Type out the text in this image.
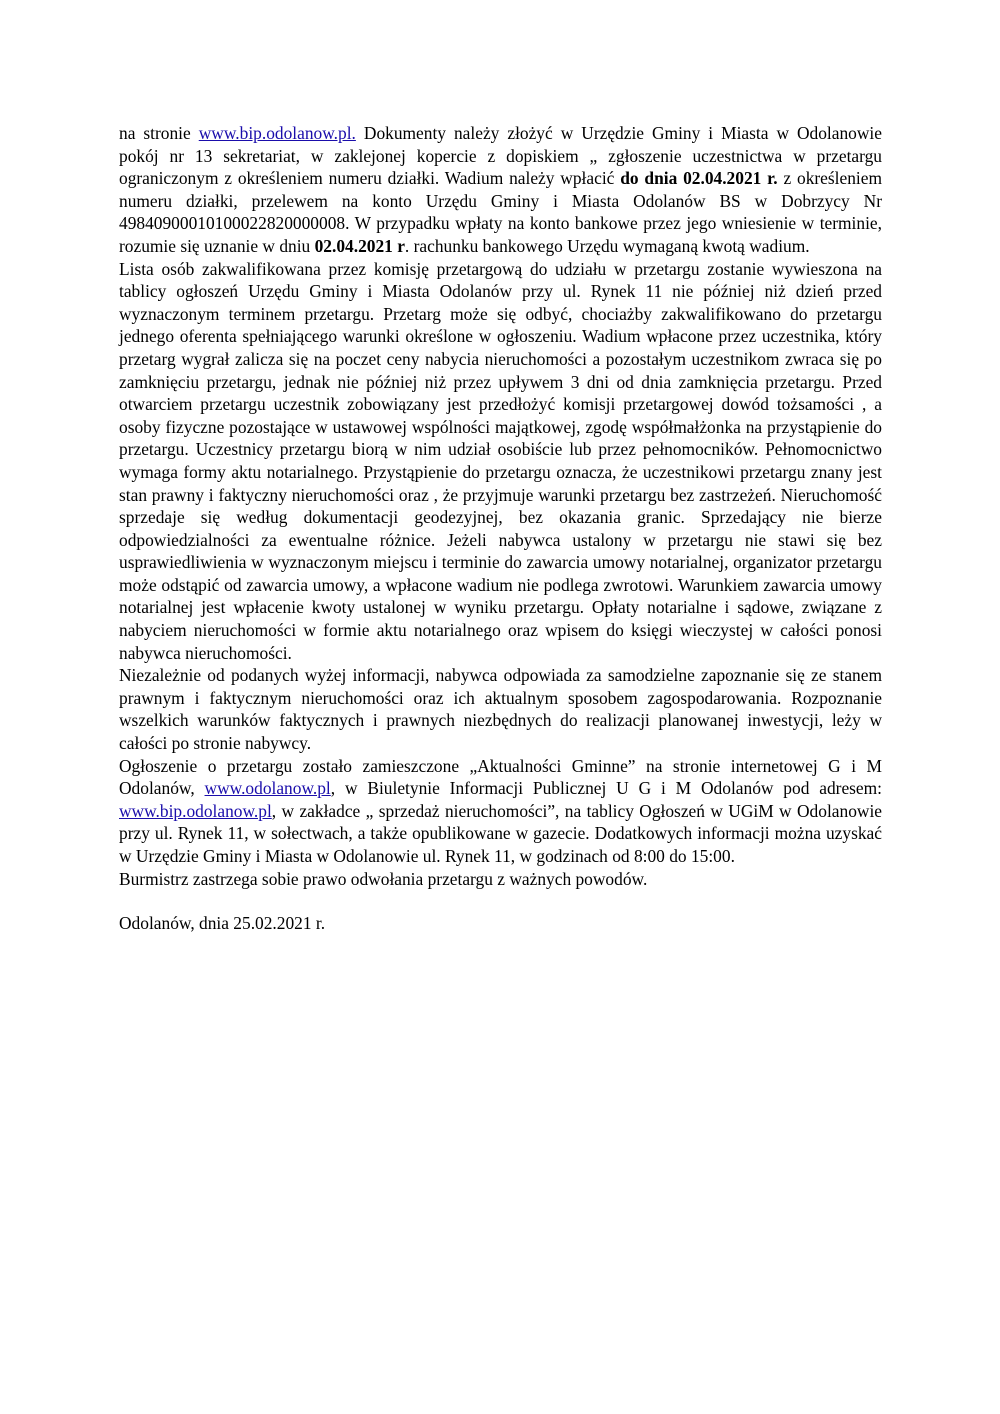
na stronie www.bip.odolanow.pl. Dokumenty należy złożyć w Urzędzie Gminy i Miasta w Odolanowie pokój nr 13 sekretariat, w zaklejonej kopercie z dopiskiem „ zgłoszenie uczestnictwa w przetargu ograniczonym z określeniem numeru działki. Wadium należy wpłacić do dnia 02.04.2021 r. z określeniem numeru działki, przelewem na konto Urzędu Gminy i Miasta Odolanów BS w Dobrzycy Nr 49840900010100022820000008. W przypadku wpłaty na konto bankowe przez jego wniesienie w terminie, rozumie się uznanie w dniu 02.04.2021 r. rachunku bankowego Urzędu wymaganą kwotą wadium.

Lista osób zakwalifikowana przez komisję przetargową do udziału w przetargu zostanie wywieszona na tablicy ogłoszeń Urzędu Gminy i Miasta Odolanów przy ul. Rynek 11 nie później niż dzień przed wyznaczonym terminem przetargu. Przetarg może się odbyć, chociażby zakwalifikowano do przetargu jednego oferenta spełniającego warunki określone w ogłoszeniu. Wadium wpłacone przez uczestnika, który przetarg wygrał zalicza się na poczet ceny nabycia nieruchomości a pozostałym uczestnikom zwraca się po zamknięciu przetargu, jednak nie później niż przez upływem 3 dni od dnia zamknięcia przetargu. Przed otwarciem przetargu uczestnik zobowiązany jest przedłożyć komisji przetargowej dowód tożsamości , a osoby fizyczne pozostające w ustawowej wspólności majątkowej, zgodę współmałżonka na przystąpienie do przetargu. Uczestnicy przetargu biorą w nim udział osobiście lub przez pełnomocników. Pełnomocnictwo wymaga formy aktu notarialnego. Przystąpienie do przetargu oznacza, że uczestnikowi przetargu znany jest stan prawny i faktyczny nieruchomości oraz , że przyjmuje warunki przetargu bez zastrzeżeń. Nieruchomość sprzedaje się według dokumentacji geodezyjnej, bez okazania granic. Sprzedający nie bierze odpowiedzialności za ewentualne różnice. Jeżeli nabywca ustalony w przetargu nie stawi się bez usprawiedliwienia w wyznaczonym miejscu i terminie do zawarcia umowy notarialnej, organizator przetargu może odstąpić od zawarcia umowy, a wpłacone wadium nie podlega zwrotowi. Warunkiem zawarcia umowy notarialnej jest wpłacenie kwoty ustalonej w wyniku przetargu. Opłaty notarialne i sądowe, związane z nabyciem nieruchomości w formie aktu notarialnego oraz wpisem do księgi wieczystej w całości ponosi nabywca nieruchomości.

Niezależnie od podanych wyżej informacji, nabywca odpowiada za samodzielne zapoznanie się ze stanem prawnym i faktycznym nieruchomości oraz ich aktualnym sposobem zagospodarowania. Rozpoznanie wszelkich warunków faktycznych i prawnych niezbędnych do realizacji planowanej inwestycji, leży w całości po stronie nabywcy.

Ogłoszenie o przetargu zostało zamieszczone „Aktualności Gminne” na stronie internetowej G i M Odolanów, www.odolanow.pl, w Biuletynie Informacji Publicznej U G i M Odolanów pod adresem: www.bip.odolanow.pl, w zakładce „ sprzedaż nieruchomości”, na tablicy Ogłoszeń w UGiM w Odolanowie przy ul. Rynek 11, w sołectwach, a także opublikowane w gazecie. Dodatkowych informacji można uzyskać w Urzędzie Gminy i Miasta w Odolanowie ul. Rynek 11, w godzinach od 8:00 do 15:00.

Burmistrz zastrzega sobie prawo odwołania przetargu z ważnych powodów.

Odolanów, dnia 25.02.2021 r.
